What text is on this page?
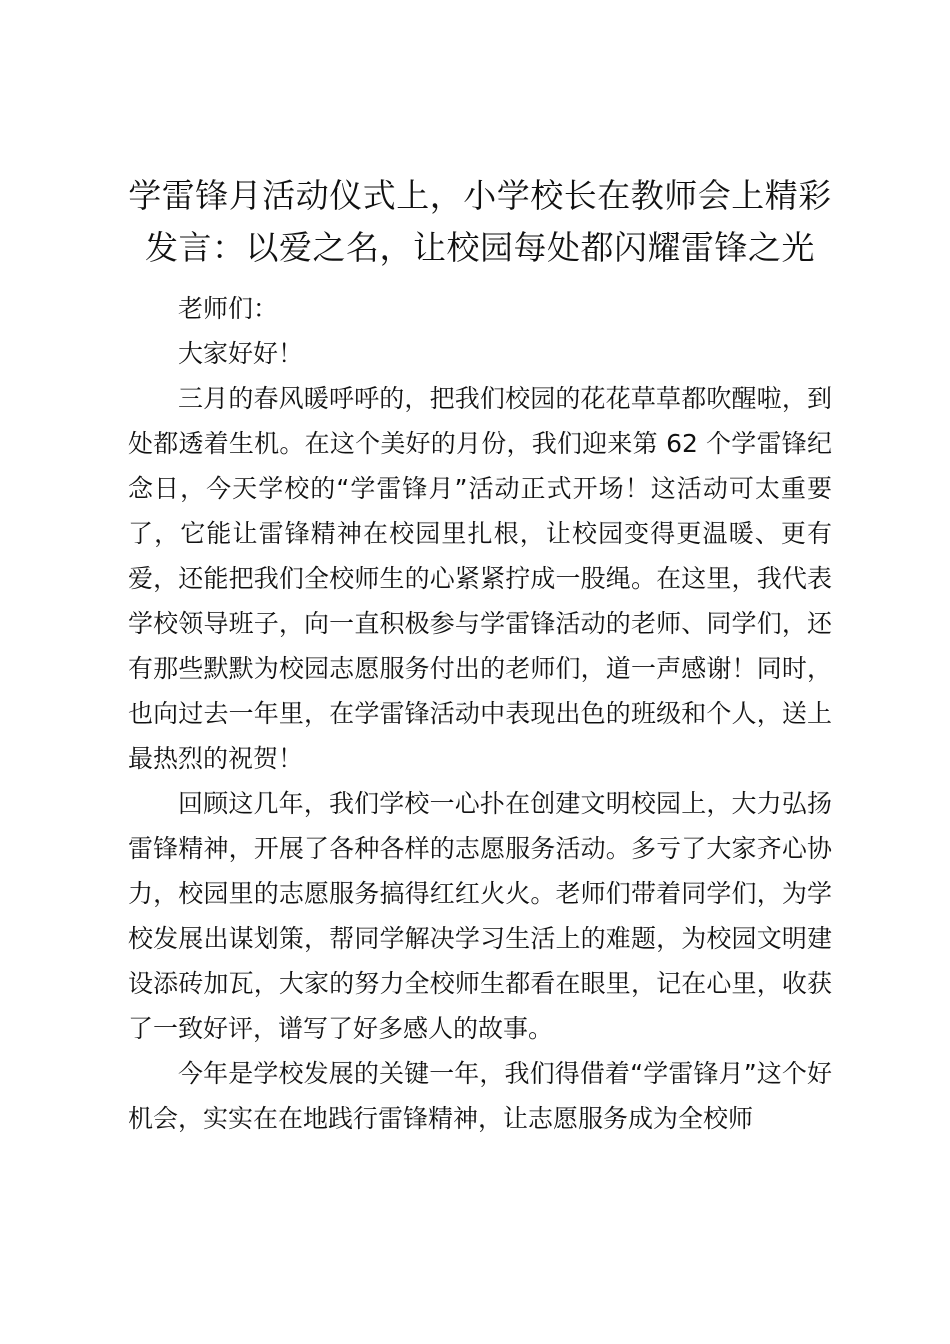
学雷锋月活动仪式上，小学校长在教师会上精彩发言：以爱之名，让校园每处都闪耀雷锋之光

老师们：

大家好好！

三月的春风暖呼呼的，把我们校园的花花草草都吹醒啦，到处都透着生机。在这个美好的月份，我们迎来第 62 个学雷锋纪念日，今天学校的“学雷锋月”活动正式开场！这活动可太重要了，它能让雷锋精神在校园里扎根，让校园变得更温暖、更有爱，还能把我们全校师生的心紧紧拧成一股绳。在这里，我代表学校领导班子，向一直积极参与学雷锋活动的老师、同学们，还有那些默默为校园志愿服务付出的老师们，道一声感谢！同时，也向过去一年里，在学雷锋活动中表现出色的班级和个人，送上最热烈的祝贺！

回顾这几年，我们学校一心扑在创建文明校园上，大力弘扬雷锋精神，开展了各种各样的志愿服务活动。多亏了大家齐心协力，校园里的志愿服务搞得红红火火。老师们带着同学们，为学校发展出谋划策，帮同学解决学习生活上的难题，为校园文明建设添砖加瓦，大家的努力全校师生都看在眼里，记在心里，收获了一致好评，谱写了好多感人的故事。

今年是学校发展的关键一年，我们得借着“学雷锋月”这个好机会，实实在在地践行雷锋精神，让志愿服务成为全校师
